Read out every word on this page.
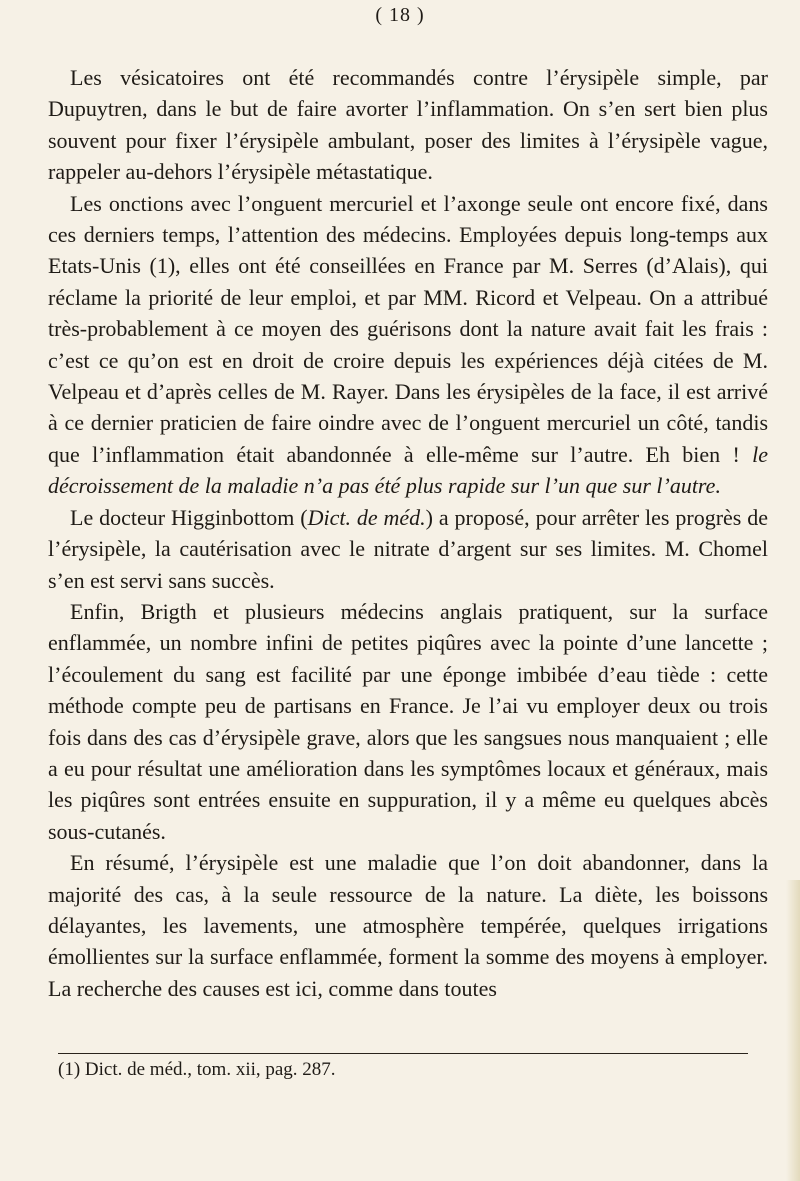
( 18 )

Les vésicatoires ont été recommandés contre l’érysipèle simple, par Dupuytren, dans le but de faire avorter l’inflammation. On s’en sert bien plus souvent pour fixer l’érysipèle ambulant, poser des limites à l’érysipèle vague, rappeler au-dehors l’érysipèle métastatique.

Les onctions avec l’onguent mercuriel et l’axonge seule ont encore fixé, dans ces derniers temps, l’attention des médecins. Employées depuis long-temps aux Etats-Unis (1), elles ont été conseillées en France par M. Serres (d’Alais), qui réclame la priorité de leur emploi, et par MM. Ricord et Velpeau. On a attribué très-probablement à ce moyen des guérisons dont la nature avait fait les frais : c’est ce qu’on est en droit de croire depuis les expériences déjà citées de M. Velpeau et d’après celles de M. Rayer. Dans les érysipèles de la face, il est arrivé à ce dernier praticien de faire oindre avec de l’onguent mercuriel un côté, tandis que l’inflammation était abandonnée à elle-même sur l’autre. Eh bien ! le décroissement de la maladie n’a pas été plus rapide sur l’un que sur l’autre.

Le docteur Higginbottom (Dict. de méd.) a proposé, pour arrêter les progrès de l’érysipèle, la cautérisation avec le nitrate d’argent sur ses limites. M. Chomel s’en est servi sans succès.

Enfin, Brigth et plusieurs médecins anglais pratiquent, sur la surface enflammée, un nombre infini de petites piqûres avec la pointe d’une lancette ; l’écoulement du sang est facilité par une éponge imbibée d’eau tiède : cette méthode compte peu de partisans en France. Je l’ai vu employer deux ou trois fois dans des cas d’érysipèle grave, alors que les sangsues nous manquaient ; elle a eu pour résultat une amélioration dans les symptômes locaux et généraux, mais les piqûres sont entrées ensuite en suppuration, il y a même eu quelques abcès sous-cutanés.

En résumé, l’érysipèle est une maladie que l’on doit abandonner, dans la majorité des cas, à la seule ressource de la nature. La diète, les boissons délayantes, les lavements, une atmosphère tempérée, quelques irrigations émollientes sur la surface enflammée, forment la somme des moyens à employer. La recherche des causes est ici, comme dans toutes

(1) Dict. de méd., tom. xii, pag. 287.
